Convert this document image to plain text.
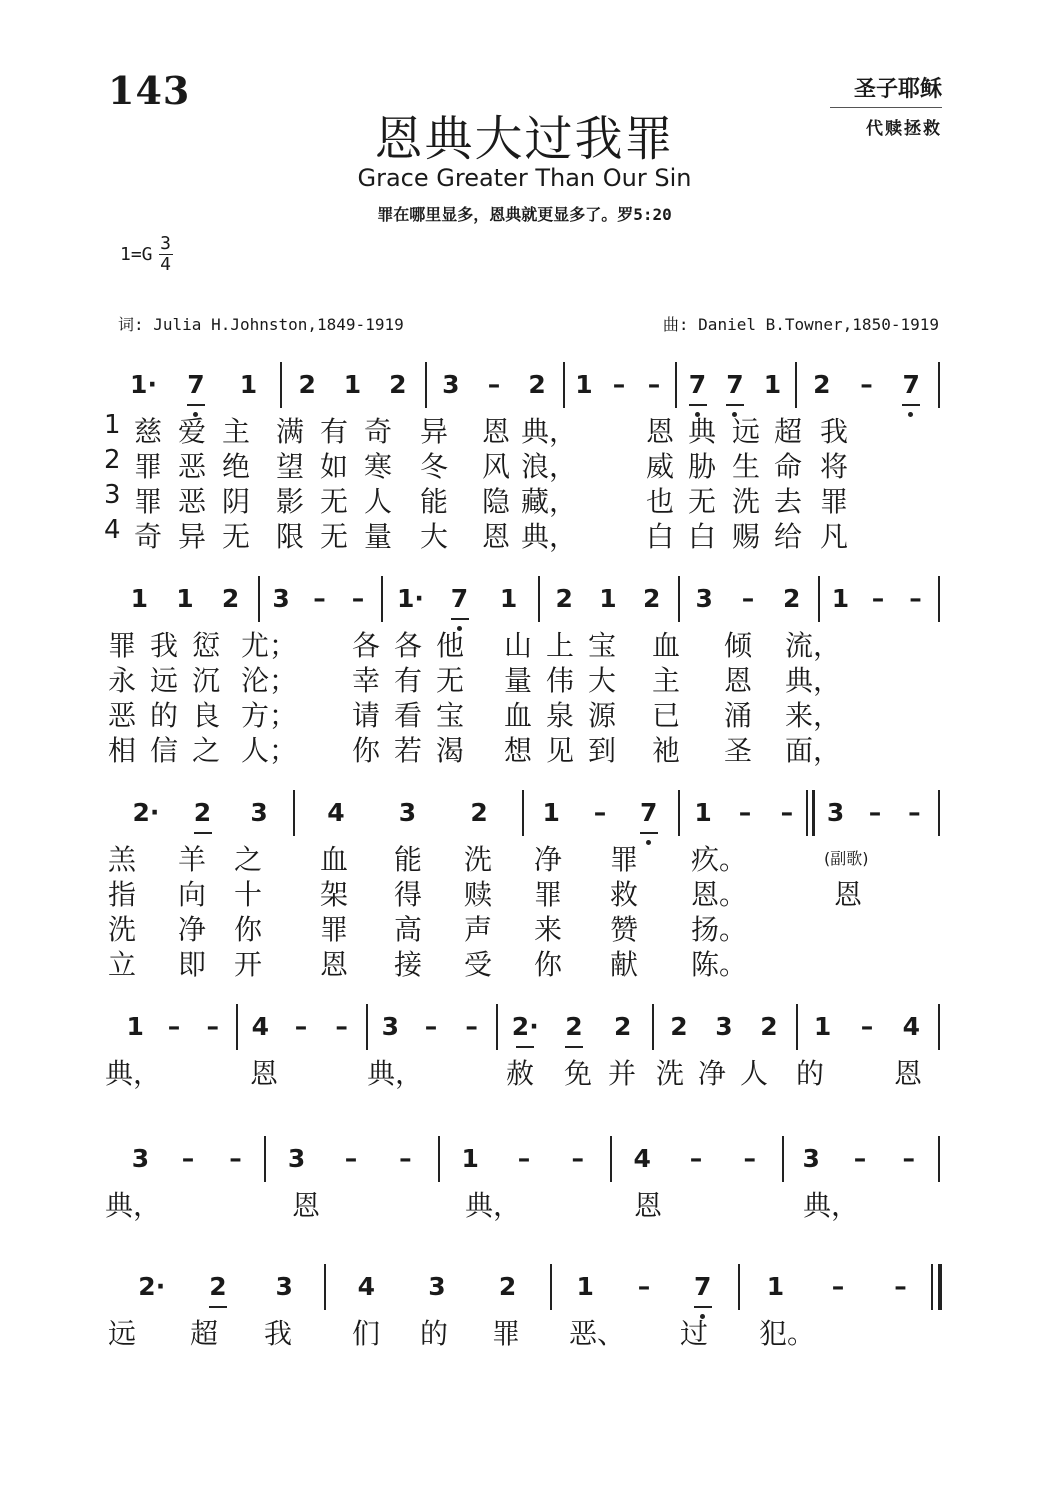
143	圣子耶稣
代赎拯救
恩典大过我罪
Grace Greater Than Our Sin
罪在哪里显多，恩典就更显多了。罗5:20
$1=G \frac{3}{4}$
词: Julia H.Johnston,1849-1919	曲: Daniel B.Towner,1850-1919
1· 7 1 2 1 2 3	–	2 1 – –	7 7 1 2	–	7
1 慈 爱 主 满 有 奇 异 恩 典， 恩 典 远 超 我
2 罪 恶 绝 望 如 寒 冬 风 浪， 威 胁 生 命 将
3 罪 恶 阴 影 无 人 能 隐 藏， 也 无 洗 去 罪
4 奇 异 无 限 无 量 大 恩 典， 白 白 赐 给 凡
1 1 2 3 –	–	1· 7 1 2 1 2 3	–	2 1 –	–
罪 我 愆 尤； 各 各 他 山 上 宝 血 倾 流，
永 远 沉 沦； 幸 有 无 量 伟 大 主 恩 典，
恶 的 良 方； 请 看 宝 血 泉 源 已 涌 来，
相 信 之 人； 你 若 渴 想 见 到 祂 圣 面，
2· 2 3 4 3 2 1	–	7 1	–	–	3 –	–
羔 羊 之 血 能 洗 净 罪 疚。
指 向 十 架 得 赎 罪 救 恩。	恩
洗 净 你 罪 高 声 来 赞 扬。
立 即 开 恩 接 受 你 献 陈。
(副歌)
1 –	–	4	–	–	3	–	–	2· 2 2 2 3 2 1	–	4
典，	恩	典，	赦 免 并 洗 净 人 的 恩
3	–	–	3	–	–	1	–	–	4	–	–	3	–	–
典，	恩	典，	恩	典，
2· 2 3	4 3 2 1	–	7 1	–	–
远 超 我 们 的 罪 恶、 过 犯。
